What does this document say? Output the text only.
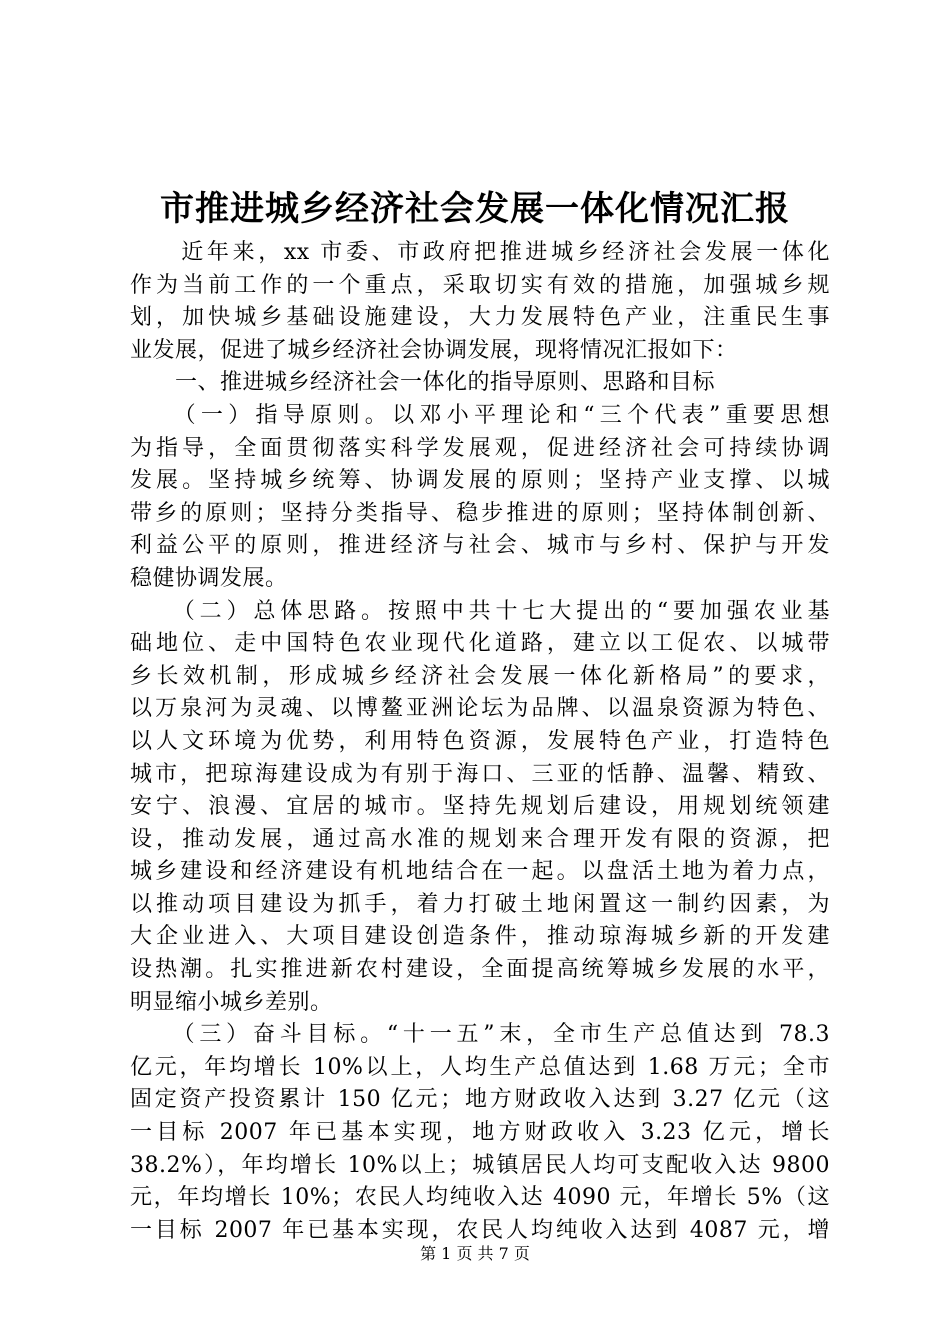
市推进城乡经济社会发展一体化情况汇报
　　近年来，xx 市委、市政府把推进城乡经济社会发展一体化
作为当前工作的一个重点，采取切实有效的措施，加强城乡规
划，加快城乡基础设施建设，大力发展特色产业，注重民生事
业发展，促进了城乡经济社会协调发展，现将情况汇报如下：
　　一、推进城乡经济社会一体化的指导原则、思路和目标
　　（一）指导原则。以邓小平理论和“三个代表”重要思想
为指导，全面贯彻落实科学发展观，促进经济社会可持续协调
发展。坚持城乡统筹、协调发展的原则；坚持产业支撑、以城
带乡的原则；坚持分类指导、稳步推进的原则；坚持体制创新、
利益公平的原则，推进经济与社会、城市与乡村、保护与开发
稳健协调发展。
　　（二）总体思路。按照中共十七大提出的“要加强农业基
础地位、走中国特色农业现代化道路，建立以工促农、以城带
乡长效机制，形成城乡经济社会发展一体化新格局”的要求，
以万泉河为灵魂、以博鳌亚洲论坛为品牌、以温泉资源为特色、
以人文环境为优势，利用特色资源，发展特色产业，打造特色
城市，把琼海建设成为有别于海口、三亚的恬静、温馨、精致、
安宁、浪漫、宜居的城市。坚持先规划后建设，用规划统领建
设，推动发展，通过高水准的规划来合理开发有限的资源，把
城乡建设和经济建设有机地结合在一起。以盘活土地为着力点，
以推动项目建设为抓手，着力打破土地闲置这一制约因素，为
大企业进入、大项目建设创造条件，推动琼海城乡新的开发建
设热潮。扎实推进新农村建设，全面提高统筹城乡发展的水平，
明显缩小城乡差别。
　　（三）奋斗目标。“十一五”末，全市生产总值达到 78.3
亿元，年均增长 10%以上，人均生产总值达到 1.68 万元；全市
固定资产投资累计 150 亿元；地方财政收入达到 3.27 亿元（这
一目标 2007 年已基本实现，地方财政收入 3.23 亿元，增长
38.2%），年均增长 10%以上；城镇居民人均可支配收入达 9800
元，年均增长 10%；农民人均纯收入达 4090 元，年增长 5%（这
一目标 2007 年已基本实现，农民人均纯收入达到 4087 元，增
第 1 页 共 7 页
